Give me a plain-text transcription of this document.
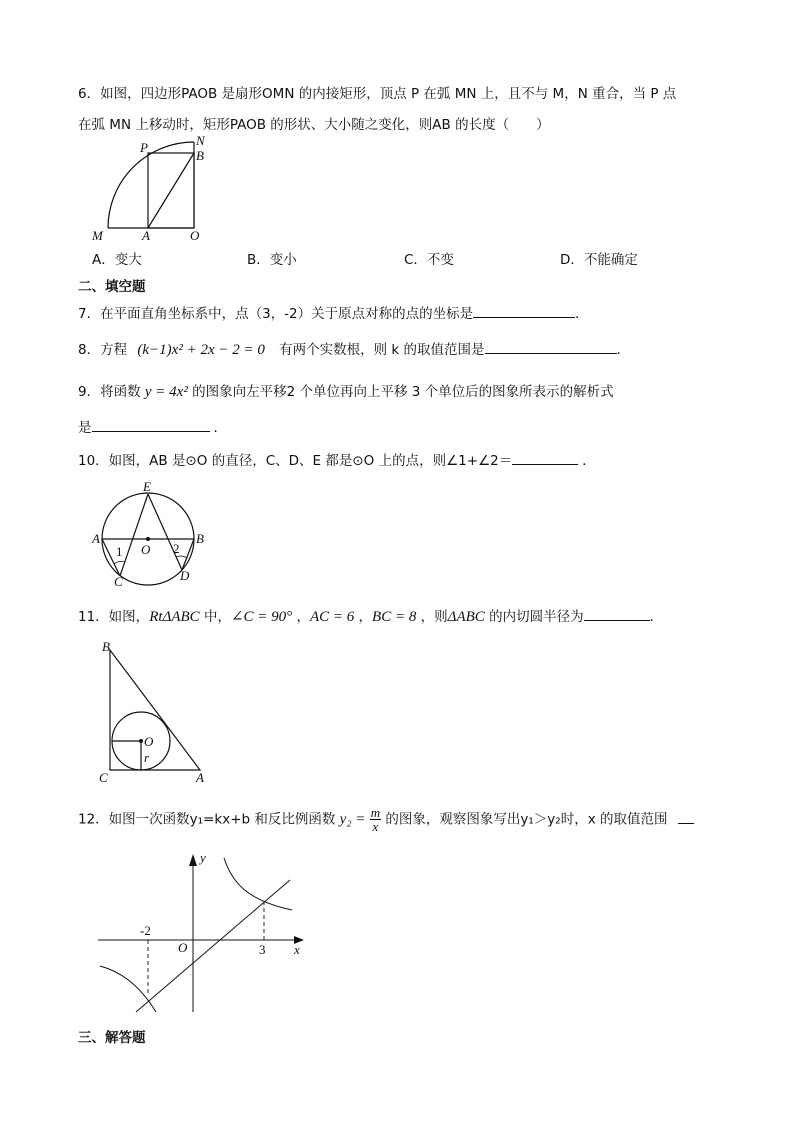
6．如图，四边形PAOB 是扇形OMN 的内接矩形，顶点 P 在弧 MN 上，且不与 M，N 重合，当 P 点
在弧 MN 上移动时，矩形PAOB 的形状、大小随之变化，则AB 的长度（　　）
P	N
B
M	A	O
A．变大	B．变小	C．不变	D．不能确定
二、填空题
7．在平面直角坐标系中，点（3，-2）关于原点对称的点的坐标是	．
8．方程 (k−1)x² + 2x − 2 = 0 有两个实数根，则 k 的取值范围是	.
9．将函数 y = 4x² 的图象向左平移2 个单位再向上平移 3 个单位后的图象所表示的解析式
是	．
10．如图，AB 是⊙O 的直径，C、D、E 都是⊙O 上的点，则∠1+∠2＝	．
E
A	B
O
C	D
1	2
11．如图，RtΔABC 中，∠C = 90° ，AC = 6 ，BC = 8 ，则ΔABC 的内切圆半径为	．
B
C	A
O
r
12．如图一次函数y₁=kx+b 和反比例函数 $y_2 = \frac{m}{x}$ 的图象，观察图象写出y₁＞y₂时，x 的取值范围
y
x
O
-2
3
三、解答题
